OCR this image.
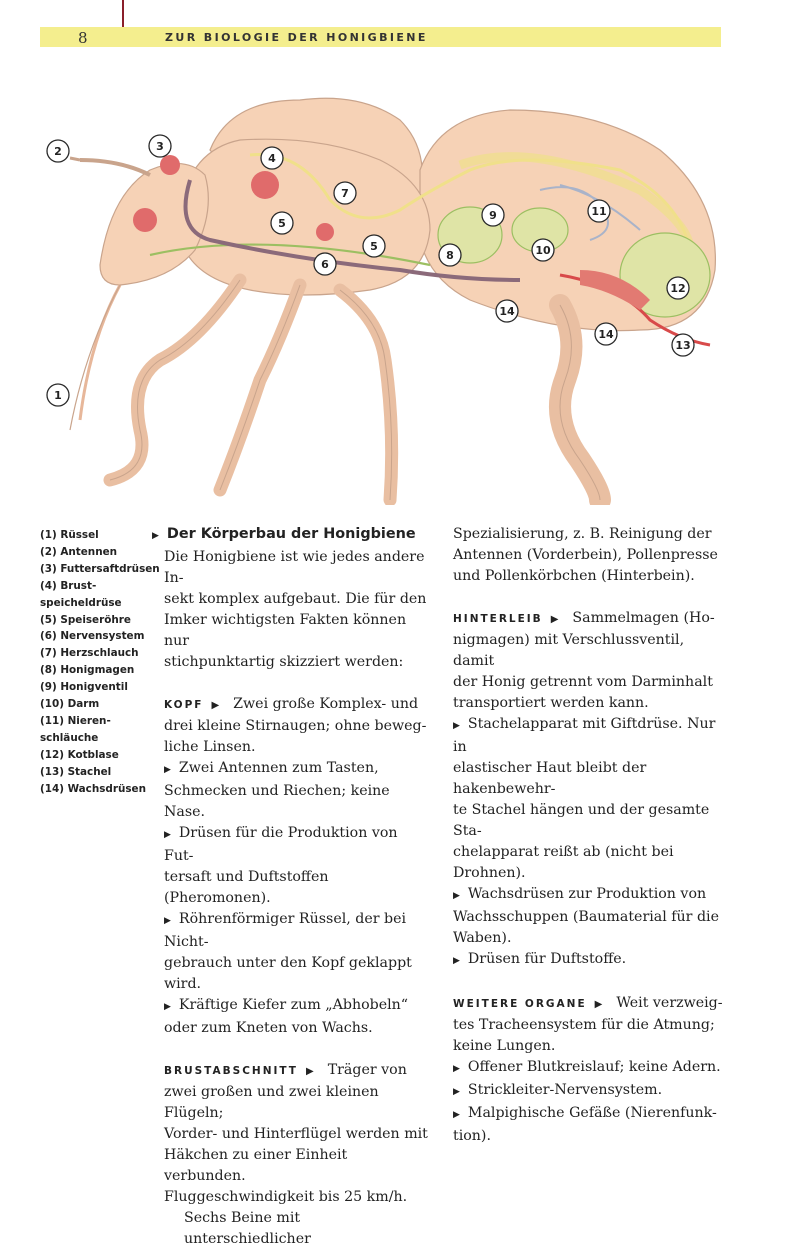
8	ZUR BIOLOGIE DER HONIGBIENE
1
2	3
4
5
5
6
7
8
9
10
11
12
13
14
14
(1) Rüssel
(2) Antennen
(3) Futtersaftdrüsen
(4) Brust-
speicheldrüse
(5) Speiseröhre
(6) Nervensystem
(7) Herzschlauch
(8) Honigmagen
(9) Honigventil
(10) Darm
(11) Nieren-
schläuche
(12) Kotblase
(13) Stachel
(14) Wachsdrüsen

▶ Der Körperbau der Honigbiene

Die Honigbiene ist wie jedes andere In-

sekt komplex aufgebaut. Die für den

Imker wichtigsten Fakten können nur

stichpunktartig skizziert werden:

KOPF ▶ Zwei große Komplex- und

drei kleine Stirnaugen; ohne beweg-

liche Linsen.

▶ Zwei Antennen zum Tasten,

Schmecken und Riechen; keine Nase.

▶ Drüsen für die Produktion von Fut-

tersaft und Duftstoffen (Pheromonen).

▶ Röhrenförmiger Rüssel, der bei Nicht-

gebrauch unter den Kopf geklappt wird.

▶ Kräftige Kiefer zum „Abhobeln“

oder zum Kneten von Wachs.

BRUSTABSCHNITT ▶ Träger von

zwei großen und zwei kleinen Flügeln;

Vorder- und Hinterflügel werden mit

Häkchen zu einer Einheit verbunden.

Fluggeschwindigkeit bis 25 km/h.

Sechs Beine mit unterschiedlicher

Spezialisierung, z. B. Reinigung der

Antennen (Vorderbein), Pollenpresse

und Pollenkörbchen (Hinterbein).

HINTERLEIB ▶ Sammelmagen (Ho-

nigmagen) mit Verschlussventil, damit

der Honig getrennt vom Darminhalt

transportiert werden kann.

▶ Stachelapparat mit Giftdrüse. Nur in

elastischer Haut bleibt der hakenbewehr-

te Stachel hängen und der gesamte Sta-

chelapparat reißt ab (nicht bei Drohnen).

▶ Wachsdrüsen zur Produktion von

Wachsschuppen (Baumaterial für die

Waben).

▶ Drüsen für Duftstoffe.

WEITERE ORGANE ▶ Weit verzweig-

tes Tracheensystem für die Atmung;

keine Lungen.

▶ Offener Blutkreislauf; keine Adern.

▶ Strickleiter-Nervensystem.

▶ Malpighische Gefäße (Nierenfunk-

tion).
